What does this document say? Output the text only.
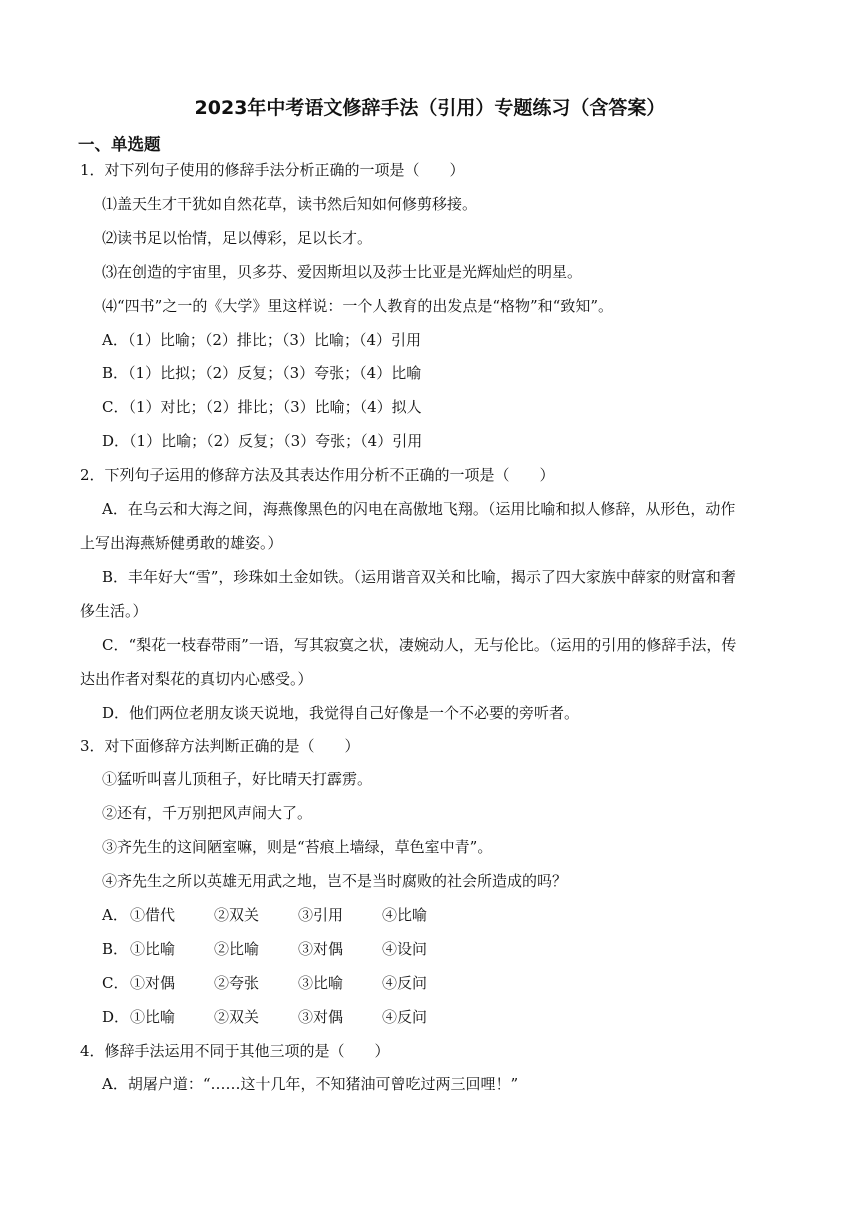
2023年中考语文修辞手法（引用）专题练习（含答案）
一、单选题
1．对下列句子使用的修辞手法分析正确的一项是（　　）
⑴盖天生才干犹如自然花草，读书然后知如何修剪移接。
⑵读书足以怡情，足以傅彩，足以长才。
⑶在创造的宇宙里，贝多芬、爱因斯坦以及莎士比亚是光辉灿烂的明星。
⑷“四书”之一的《大学》里这样说：一个人教育的出发点是“格物”和“致知”。
A．（1）比喻；（2）排比；（3）比喻；（4）引用
B．（1）比拟；（2）反复；（3）夸张；（4）比喻
C．（1）对比；（2）排比；（3）比喻；（4）拟人
D．（1）比喻；（2）反复；（3）夸张；（4）引用
2．下列句子运用的修辞方法及其表达作用分析不正确的一项是（　　）
A．在乌云和大海之间，海燕像黑色的闪电在高傲地飞翔。（运用比喻和拟人修辞，从形色，动作
上写出海燕矫健勇敢的雄姿。）
B．丰年好大“雪”，珍珠如土金如铁。（运用谐音双关和比喻，揭示了四大家族中薛家的财富和奢
侈生活。）
C．“梨花一枝春带雨”一语，写其寂寞之状，凄婉动人，无与伦比。（运用的引用的修辞手法，传
达出作者对梨花的真切内心感受。）
D．他们两位老朋友谈天说地，我觉得自己好像是一个不必要的旁听者。
3．对下面修辞方法判断正确的是（　　）
①猛听叫喜儿顶租子，好比晴天打霹雳。
②还有，千万别把风声闹大了。
③齐先生的这间陋室嘛，则是“苔痕上墙绿，草色室中青”。
④齐先生之所以英雄无用武之地，岂不是当时腐败的社会所造成的吗？
A． ①借代	②双关	③引用	④比喻
B． ①比喻	②比喻	③对偶	④设问
C． ①对偶	②夸张	③比喻	④反问
D．①比喻	②双关	③对偶	④反问
4．修辞手法运用不同于其他三项的是（　　）
A．胡屠户道：“……这十几年，不知猪油可曾吃过两三回哩！”
